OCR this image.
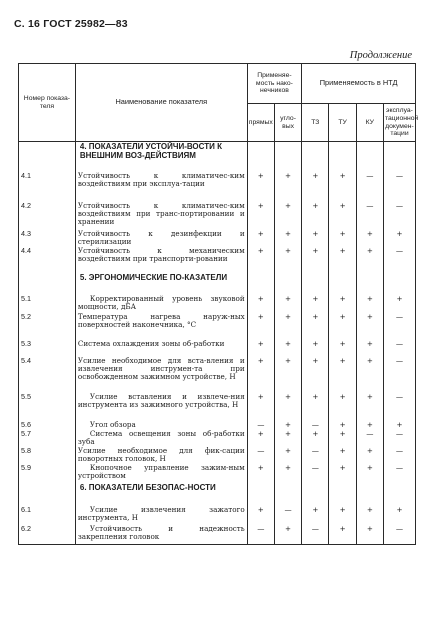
С. 16 ГОСТ 25982—83
Продолжение
Номер показа-теля	Наименование показателя	Применяе-мость нако-нечников		Применяемость в НТД			
		прямых	угло-вых	ТЗ	ТУ	КУ	эксплуа-тационной докумен-тации
	4. ПОКАЗАТЕЛИ УСТОЙЧИ-ВОСТИ К ВНЕШНИМ ВОЗ-ДЕЙСТВИЯМ						
4.1	Устойчивость к климатичес-ким воздействиям при эксплуа-тации	+	+	+	+	—	—
4.2	Устойчивость к климатичес-ким воздействиям при транс-портировании и хранении	+	+	+	+	—	—
4.3	Устойчивость к дезинфекции и стерилизации	+	+	+	+	+	+
4.4	Устойчивость к механическим воздействиям при транспорти-ровании	+	+	+	+	+	—
	5. ЭРГОНОМИЧЕСКИЕ ПО-КАЗАТЕЛИ						
5.1	Корректированный уровень звуковой мощности, дБА	+	+	+	+	+	+
5.2	Температура нагрева наруж-ных поверхностей наконечника, °С	+	+	+	+	+	—
5.3	Система охлаждения зоны об-работки	+	+	+	+	+	—
5.4	Усилие необходимое для вста-вления и извлечения инструмен-та при освобожденном зажимном устройстве, Н	+	+	+	+	+	—
5.5	Усилие вставления и извлече-ния инструмента из зажимного устройства, Н	+	+	+	+	+	—
5.6	Угол обзора	—	+	—	+	+	+
5.7	Система освещения зоны об-работки зуба	+	+	+	+	—	—
5.8	Усилие необходимое для фик-сации поворотных головок, Н	—	+	—	+	+	—
5.9	Кнопочное управление зажим-ным устройством	+	+	—	+	+	—
	6. ПОКАЗАТЕЛИ БЕЗОПАС-НОСТИ						
6.1	Усилие извлечения зажатого инструмента, Н	+	—	+	+	+	+
6.2	Устойчивость и надежность закрепления головок	—	+	—	+	+	—
